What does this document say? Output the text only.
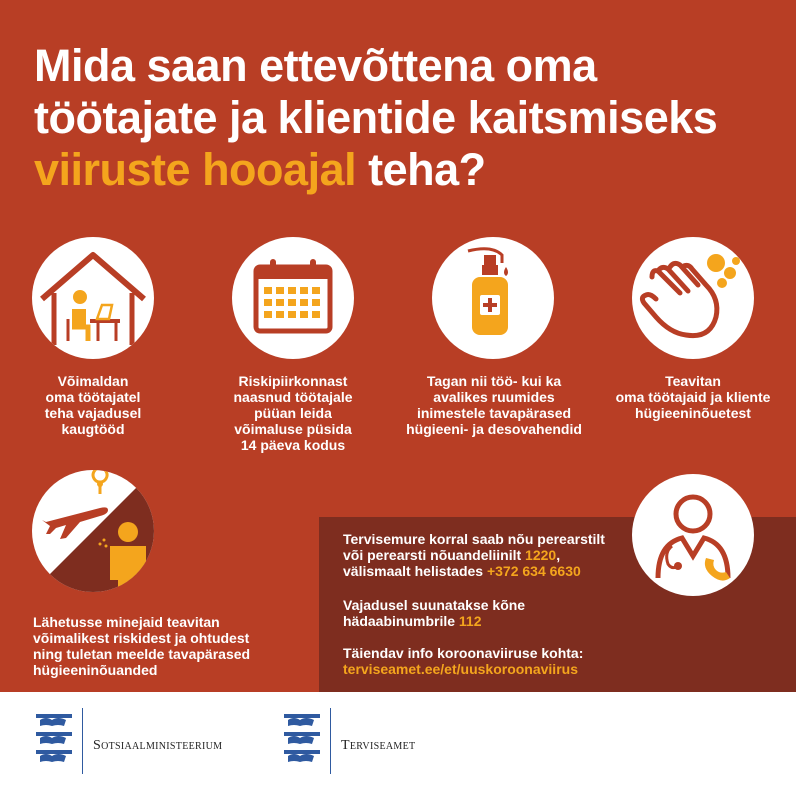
Mida saan ettevõttena oma
töötajate ja klientide kaitsmiseks
viiruste hooajal teha?
Võimaldan
oma töötajatel
teha vajadusel
kaugtööd
Riskipiirkonnast
naasnud töötajale
püüan leida
võimaluse püsida
14 päeva kodus
Tagan nii töö- kui ka
avalikes ruumides
inimestele tavapärased
hügieeni- ja desovahendid
Teavitan
oma töötajaid ja kliente
hügieeninõuetest
Lähetusse minejaid teavitan
võimalikest riskidest ja ohtudest
ning tuletan meelde tavapärased
hügieeninõuanded
Tervisemure korral saab nõu perearstilt
või perearsti nõuandeliinilt 1220,
välismaalt helistades +372 634 6630
Vajadusel suunatakse kõne
hädaabinumbrile 112
Täiendav info koroonaviiruse kohta:
terviseamet.ee/et/uuskoroonaviirus
Sotsiaalministeerium	Terviseamet
